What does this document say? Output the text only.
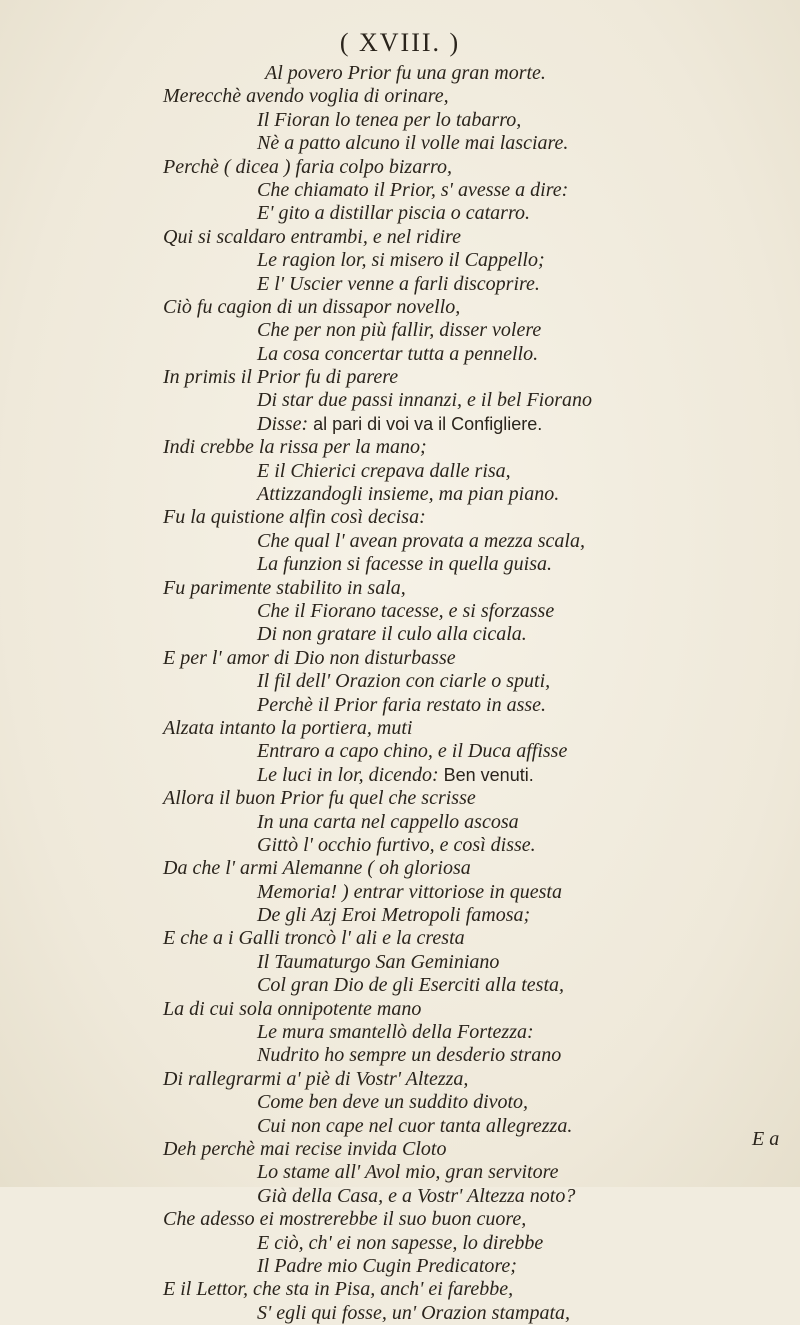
( XVIII. )
Al povero Prior fu una gran morte.
Merecchè avendo voglia di orinare,
Il Fioran lo tenea per lo tabarro,
Nè a patto alcuno il volle mai lasciare.
Perchè ( dicea ) faria colpo bizarro,
Che chiamato il Prior, s' avesse a dire:
E' gito a distillar piscia o catarro.
Qui si scaldaro entrambi, e nel ridire
Le ragion lor, si misero il Cappello;
E l' Uscier venne a farli discoprire.
Ciò fu cagion di un dissapor novello,
Che per non più fallir, disser volere
La cosa concertar tutta a pennello.
In primis il Prior fu di parere
Di star due passi innanzi, e il bel Fiorano
Disse: al pari di voi va il Configliere.
Indi crebbe la rissa per la mano;
E il Chierici crepava dalle risa,
Attizzandogli insieme, ma pian piano.
Fu la quistione alfin così decisa:
Che qual l' avean provata a mezza scala,
La funzion si facesse in quella guisa.
Fu parimente stabilito in sala,
Che il Fiorano tacesse, e si sforzasse
Di non gratare il culo alla cicala.
E per l' amor di Dio non disturbasse
Il fil dell' Orazion con ciarle o sputi,
Perchè il Prior faria restato in asse.
Alzata intanto la portiera, muti
Entraro a capo chino, e il Duca affisse
Le luci in lor, dicendo: Ben venuti.
Allora il buon Prior fu quel che scrisse
In una carta nel cappello ascosa
Gittò l' occhio furtivo, e così disse.
Da che l' armi Alemanne ( oh gloriosa
Memoria! ) entrar vittoriose in questa
De gli Azj Eroi Metropoli famosa;
E che a i Galli troncò l' ali e la cresta
Il Taumaturgo San Geminiano
Col gran Dio de gli Eserciti alla testa,
La di cui sola onnipotente mano
Le mura smantellò della Fortezza:
Nudrito ho sempre un desderio strano
Di rallegrarmi a' piè di Vostr' Altezza,
Come ben deve un suddito divoto,
Cui non cape nel cuor tanta allegrezza.
Deh perchè mai recise invida Cloto
Lo stame all' Avol mio, gran servitore
Già della Casa, e a Vostr' Altezza noto?
Che adesso ei mostrerebbe il suo buon cuore,
E ciò, ch' ei non sapesse, lo direbbe
Il Padre mio Cugin Predicatore;
E il Lettor, che sta in Pisa, anch' ei farebbe,
S' egli qui fosse, un' Orazion stampata,
E a
